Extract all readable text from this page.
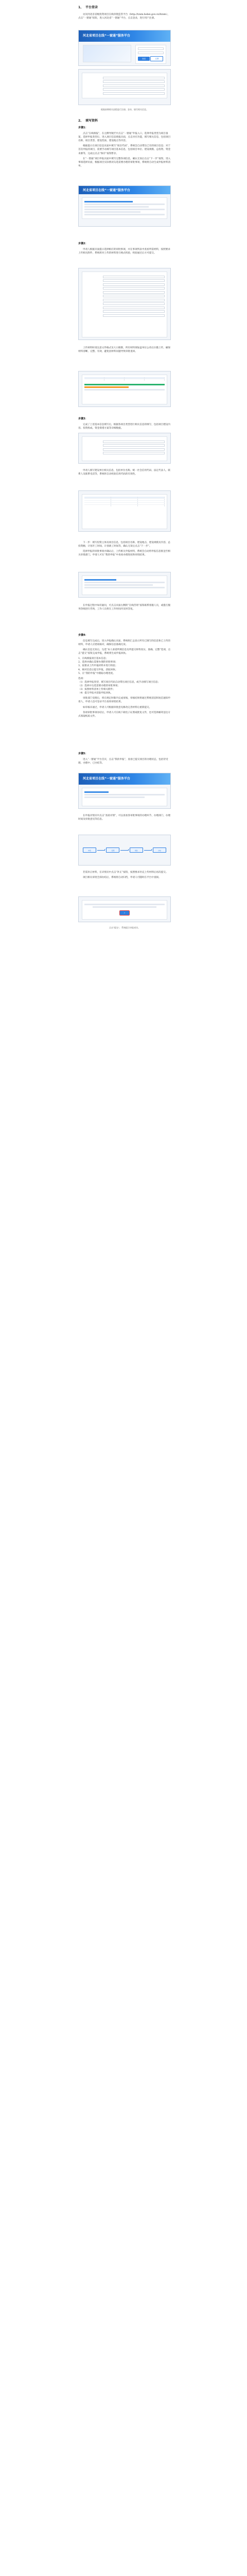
1、 平台登录

访问河北省省级投资项目在线审批监管平台（http://tzxm.hebei.gov.cn/ltzxm），点击“一窗通”按钮，进入河北省“一窗通”平台，点击登录，进行用户注册。

河北省项目在线“一窗通”服务平台
登录	注册
根据前期相关流程进行注册、登录，填写相关信息。
2、 填写资料
步骤1：

点击“在线填报”，在左侧导航栏中点击“一窗通”申报入口，选择申报类型为项目备案，选择申报类型后，进入项目信息填报页面，点击对应功能，填写相关信息，包括项目名称、项目类型、建设性质、建设地点等内容。

根据提示在项目信息页面中填写“项目代码”，系统会自动带出已有的项目信息；对于首次申报的项目，需要手动填写项目基本信息，包括项目单位、建设规模、总投资、资金来源等，完成后点击“保存”按钮暂存。

在“一窗通”项目申报页面中填写完整各项信息，确认无误后点击“下一步”按钮，进入事项选择页面，根据项目实际情况勾选需要办理的审批事项，系统将自动生成申报材料清单。

河北省项目在线“一窗通”服务平台
步骤2：

申请人根据页面提示选择相应的审批事项，并在事项列表中查看所需材料，按照要求上传相关附件，系统将对上传的材料进行格式校验，校验通过后方可提交。

上传材料时请注意文件格式及大小限制，所有材料须加盖单位公章后扫描上传，确保材料清晰、完整、有效，避免因材料问题导致审批退回。

步骤3：

完成了上述基本信息填写后，根据各项目类型进行相关信息的填写，包括项目建设内容、投资构成、资金筹措方案等详细数据。

申请人填写建设单位相关信息，包括单位名称、统一社会信用代码、法定代表人、联系人及联系电话等，系统将自动校验信用代码的有效性。

下一步：填写投资主体及项目信息，包括项目名称、建设地点、建设规模及内容、总投资额、计划开工时间、计划竣工时间等，确认无误后点击“下一步”。

选择申报的审批事项并确认后，上传相关申报材料，系统会自动将申报信息推送至相关审批部门，申请人可在“我的申报”中查看办理进度和审批结果。

在申报过程中如有疑问，可点击页面右侧的“在线咨询”按钮联系客服人员，或拨打服务热线进行咨询，工作人员将在工作时间内及时答复。

步骤4：

信息填写完成后，进入申报确认页面，系统将汇总显示所有已填写的信息和已上传的材料，申请人应逐项核对，确保信息准确无误。

确认信息无误后，勾选“本人承诺所填信息及所提交材料真实、准确、完整”选项，点击“提交”按钮完成申报，系统将生成申报回执。

1、在线填报项目基本信息；

2、选择并确认需要办理的审批事项；

3、按要求上传申报材料并进行校验；

4、核对信息后提交申报，获取回执；

5、在“我的申报”中跟踪办理进度。

选项：

（1）选择申报类型，填写项目代码自动带出项目信息，或手动填写项目信息；

（2）选择并勾选需要办理的审批事项；

（3）按照材料清单上传相关附件；

（4）提交申报并获取申报回执。

审批部门受理后，将在规定时限内完成审核，审核结果将通过系统消息和短信通知申请人，申请人也可登录平台查询审批结果。

如审核未通过，申请人可根据审批意见修改完善材料后重新提交。

各项审批事项办结后，申请人可在线下载电子证照或批复文件，也可选择邮寄送达方式领取纸质文件。

步骤5：

进入“一窗通”平台首页，点击“我的申报”，查看已提交项目的办理状态，包括待受理、办理中、已办结等。

河北省项目在线“一窗通”服务平台

在申报详情页中点击“查看详情”，可以查看各审批事项的办理环节、办理部门、办理时间及审批意见等信息。

申报	受理	审批	办结

若需补正材料，在详情页中点击“补正”按钮，按照要求补充上传材料后再次提交。

项目相关审批全部办结后，系统将自动归档，申请人可随时在平台中查阅。

✓
点击“提交”，系统提示申报成功。
